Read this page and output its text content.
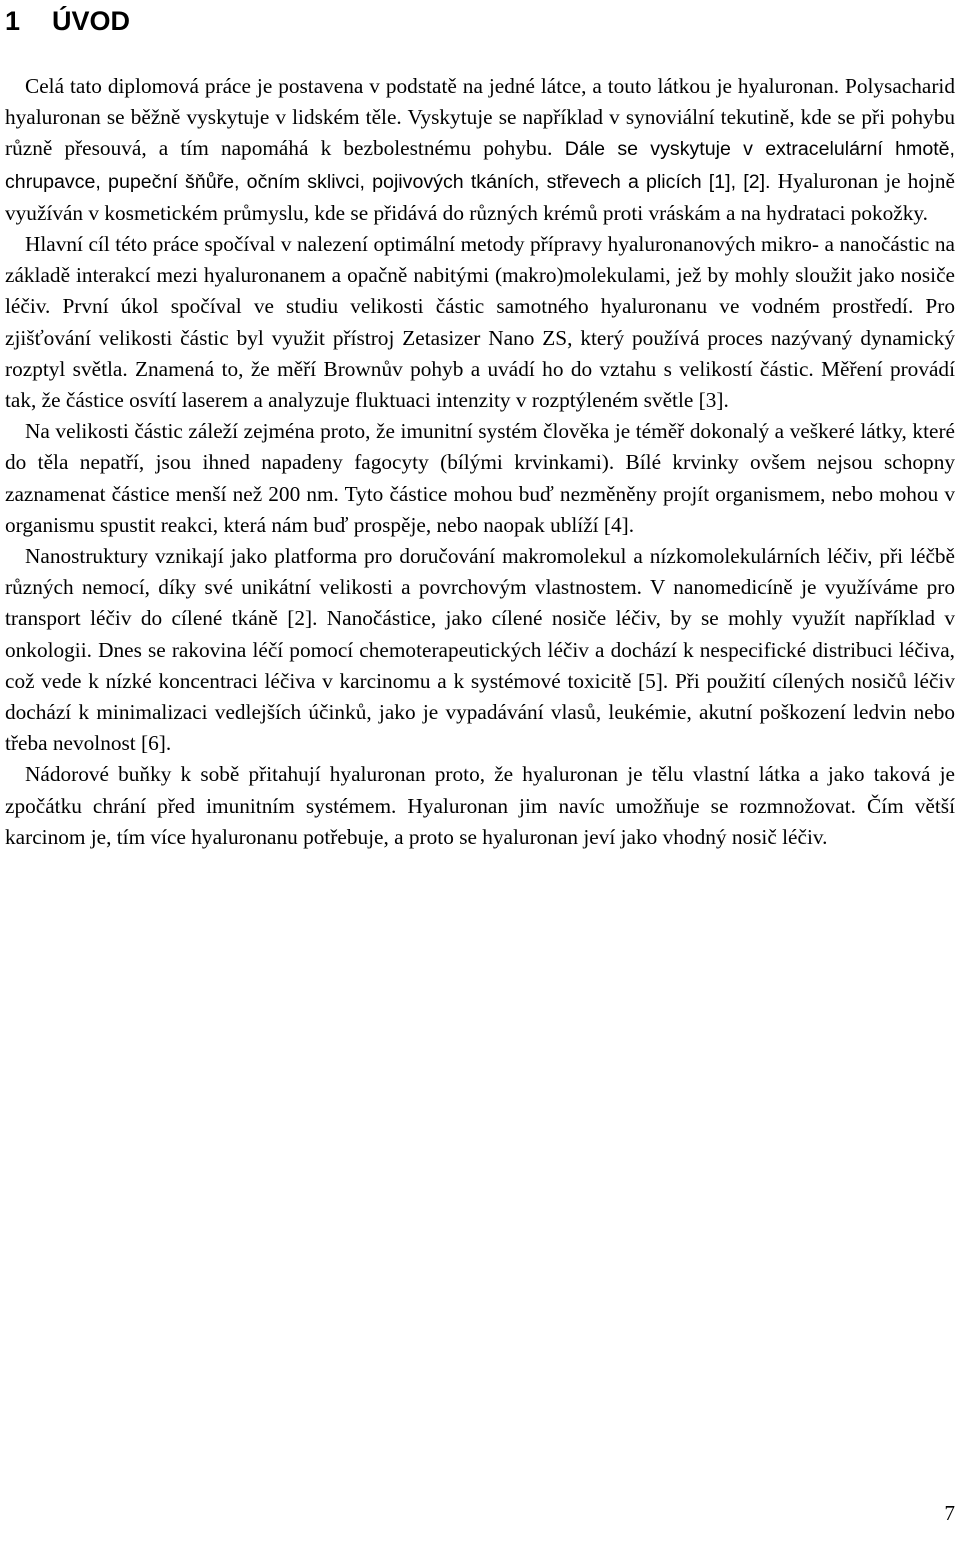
1 ÚVOD

Celá tato diplomová práce je postavena v podstatě na jedné látce, a touto látkou je hyaluronan. Polysacharid hyaluronan se běžně vyskytuje v lidském těle. Vyskytuje se například v synoviální tekutině, kde se při pohybu různě přesouvá, a tím napomáhá k bezbolestnému pohybu. Dále se vyskytuje v extracelulární hmotě, chrupavce, pupeční šňůře, očním sklivci, pojivových tkáních, střevech a plicích [1], [2]. Hyaluronan je hojně využíván v kosmetickém průmyslu, kde se přidává do různých krémů proti vráskám a na hydrataci pokožky.

Hlavní cíl této práce spočíval v nalezení optimální metody přípravy hyaluronanových mikro- a nanočástic na základě interakcí mezi hyaluronanem a opačně nabitými (makro)molekulami, jež by mohly sloužit jako nosiče léčiv. První úkol spočíval ve studiu velikosti částic samotného hyaluronanu ve vodném prostředí. Pro zjišťování velikosti částic byl využit přístroj Zetasizer Nano ZS, který používá proces nazývaný dynamický rozptyl světla. Znamená to, že měří Brownův pohyb a uvádí ho do vztahu s velikostí částic. Měření provádí tak, že částice osvítí laserem a analyzuje fluktuaci intenzity v rozptýleném světle [3].

Na velikosti částic záleží zejména proto, že imunitní systém člověka je téměř dokonalý a veškeré látky, které do těla nepatří, jsou ihned napadeny fagocyty (bílými krvinkami). Bílé krvinky ovšem nejsou schopny zaznamenat částice menší než 200 nm. Tyto částice mohou buď nezměněny projít organismem, nebo mohou v organismu spustit reakci, která nám buď prospěje, nebo naopak ublíží [4].

Nanostruktury vznikají jako platforma pro doručování makromolekul a nízkomolekulárních léčiv, při léčbě různých nemocí, díky své unikátní velikosti a povrchovým vlastnostem. V nanomedicíně je využíváme pro transport léčiv do cílené tkáně [2]. Nanočástice, jako cílené nosiče léčiv, by se mohly využít například v onkologii. Dnes se rakovina léčí pomocí chemoterapeutických léčiv a dochází k nespecifické distribuci léčiva, což vede k nízké koncentraci léčiva v karcinomu a k systémové toxicitě [5]. Při použití cílených nosičů léčiv dochází k minimalizaci vedlejších účinků, jako je vypadávání vlasů, leukémie, akutní poškození ledvin nebo třeba nevolnost [6].

Nádorové buňky k sobě přitahují hyaluronan proto, že hyaluronan je tělu vlastní látka a jako taková je zpočátku chrání před imunitním systémem. Hyaluronan jim navíc umožňuje se rozmnožovat. Čím větší karcinom je, tím více hyaluronanu potřebuje, a proto se hyaluronan jeví jako vhodný nosič léčiv.

7
